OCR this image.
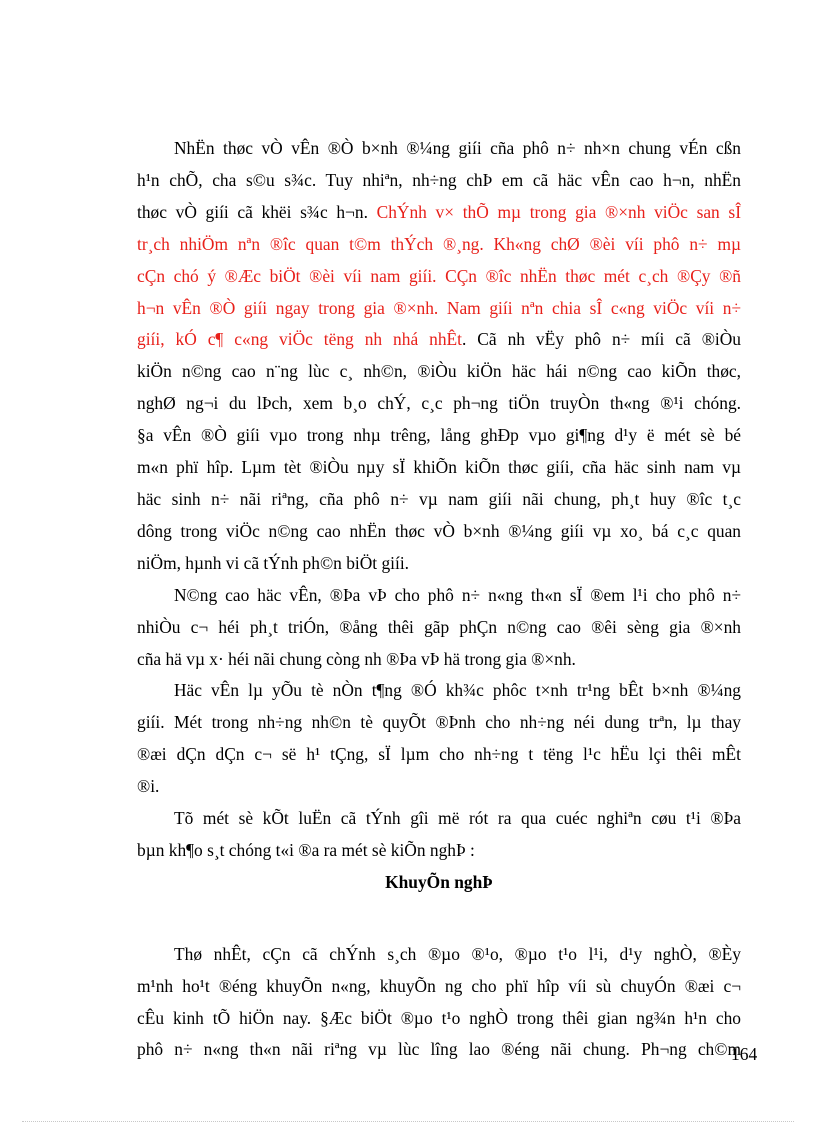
NhËn thøc vÒ vÊn ®Ò b×nh ®¼ng giíi cña phô n÷ nh×n chung vÉn cßn
h¹n chÕ, cha s©u s¾c. Tuy nhiªn, nh÷ng chÞ em cã häc vÊn cao h¬n, nhËn
thøc vÒ giíi cã khëi s¾c h¬n. ChÝnh v× thÕ mµ trong gia ®×nh viÖc san sÎ
tr¸ch nhiÖm nªn ®îc quan t©m thÝch ®¸ng. Kh«ng chØ ®èi víi phô n÷ mµ
cÇn chó ý ®Æc biÖt ®èi víi nam giíi. CÇn ®îc nhËn thøc mét c¸ch ®Çy ®ñ
h¬n vÊn ®Ò giíi ngay trong gia ®×nh. Nam giíi nªn chia sÎ c«ng viÖc víi n÷
giíi, kÓ c¶ c«ng viÖc tëng nh nhá nhÊt. Cã nh vËy phô n÷ míi cã ®iÒu
kiÖn n©ng cao n¨ng lùc c¸ nh©n, ®iÒu kiÖn häc hái n©ng cao kiÕn thøc,
nghØ ng¬i du lÞch, xem b¸o chÝ, c¸c ph¬ng tiÖn truyÒn th«ng ®¹i chóng.
§a vÊn ®Ò giíi vµo trong nhµ trêng, lång ghÐp vµo gi¶ng d¹y ë mét sè bé
m«n phï hîp. Lµm tèt ®iÒu nµy sÏ khiÕn kiÕn thøc giíi, cña häc sinh nam vµ
häc sinh n÷ nãi riªng, cña phô n÷ vµ nam giíi nãi chung, ph¸t huy ®îc t¸c
dông trong viÖc n©ng cao nhËn thøc vÒ b×nh ®¼ng giíi vµ xo¸ bá c¸c quan
niÖm, hµnh vi cã tÝnh ph©n biÖt giíi.
N©ng cao häc vÊn, ®Þa vÞ cho phô n÷ n«ng th«n sÏ ®em l¹i cho phô n÷
nhiÒu c¬ héi ph¸t triÓn, ®ång thêi gãp phÇn n©ng cao ®êi sèng gia ®×nh
cña hä vµ x· héi nãi chung còng nh ®Þa vÞ hä trong gia ®×nh.
Häc vÊn lµ yÕu tè nÒn t¶ng ®Ó kh¾c phôc t×nh tr¹ng bÊt b×nh ®¼ng
giíi. Mét trong nh÷ng nh©n tè quyÕt ®Þnh cho nh÷ng néi dung trªn, lµ thay
®æi dÇn dÇn c¬ së h¹ tÇng, sÏ lµm cho nh÷ng t tëng l¹c hËu lçi thêi mÊt
®i.
Tõ mét sè kÕt luËn cã tÝnh gîi më rót ra qua cuéc nghiªn cøu t¹i ®Þa
bµn kh¶o s¸t chóng t«i ®a ra mét sè kiÕn nghÞ :
KhuyÕn nghÞ
Thø nhÊt, cÇn cã chÝnh s¸ch ®µo ®¹o, ®µo t¹o l¹i, d¹y nghÒ, ®Èy
m¹nh ho¹t ®éng khuyÕn n«ng, khuyÕn ng cho phï hîp víi sù chuyÓn ®æi c¬
cÊu kinh tÕ hiÖn nay. §Æc biÖt ®µo t¹o nghÒ trong thêi gian ng¾n h¹n cho
phô n÷ n«ng th«n nãi riªng vµ lùc lîng lao ®éng nãi chung. Ph¬ng ch©m
164
